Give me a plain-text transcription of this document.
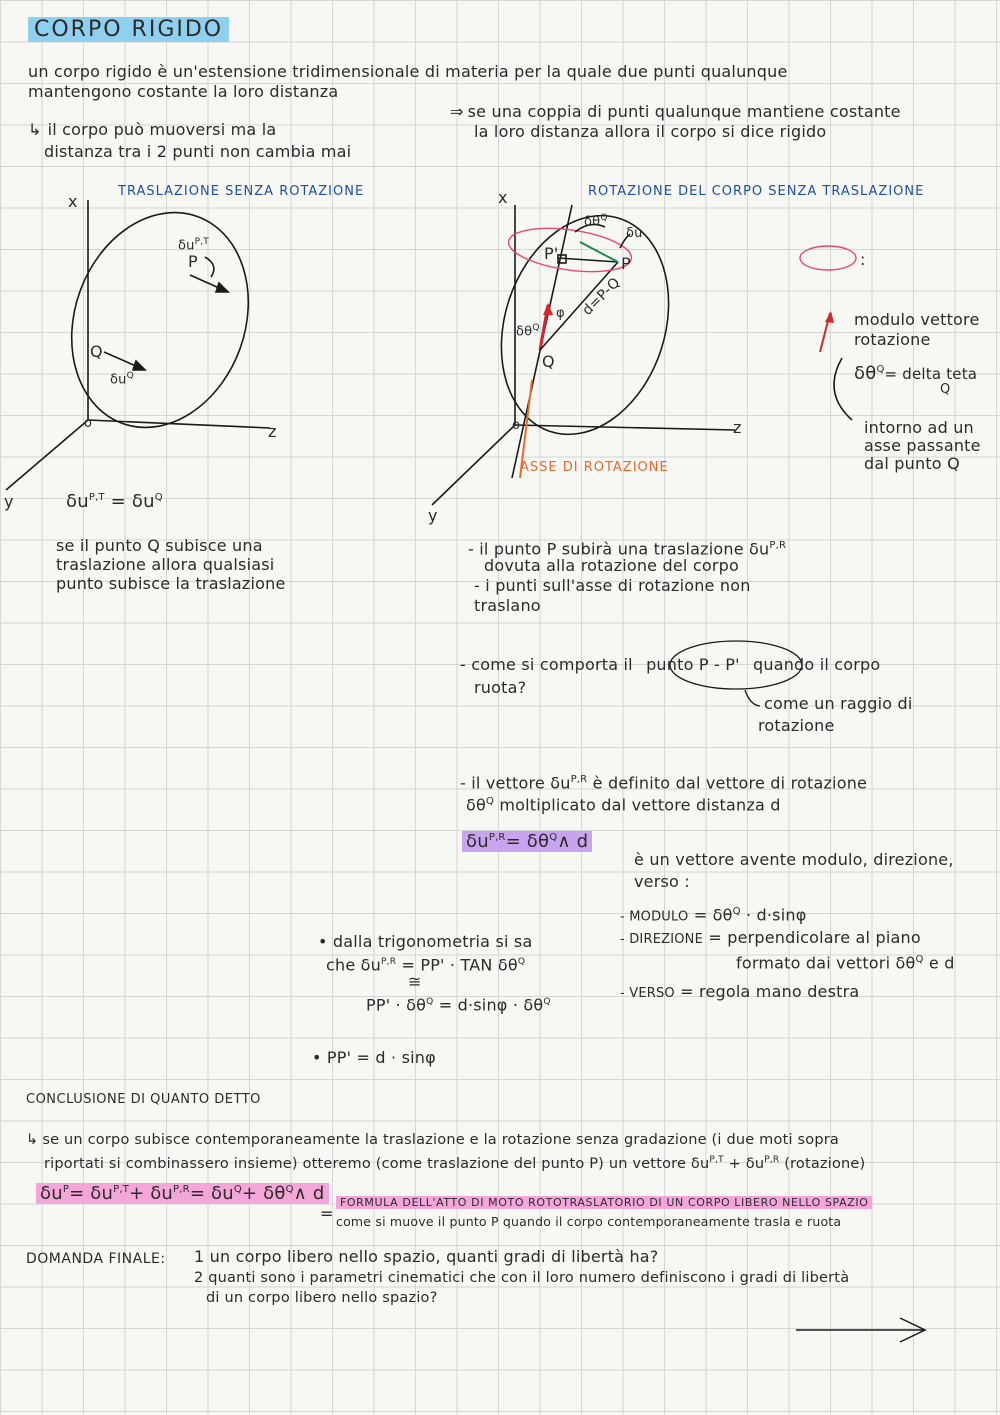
CORPO RIGIDO
un corpo rigido è un'estensione tridimensionale di materia per la quale due punti qualunque
mantengono costante la loro distanza
↳ il corpo può muoversi ma la
distanza tra i 2 punti non cambia mai
⇒ se una coppia di punti qualunque mantiene costante
la loro distanza allora il corpo si dice rigido
TRASLAZIONE SENZA ROTAZIONE
x
y
z
o
$\delta u^{P,T}$
P
Q
$\delta u^Q$
$\delta u^{P,T} = \delta u^Q$
se il punto Q subisce una
traslazione allora qualsiasi
punto subisce la traslazione
ROTAZIONE DEL CORPO SENZA TRASLAZIONE
x
y
z
o
$\delta\theta^Q$
δu
P'
P
φ
$\delta\theta^Q$
d=P-Q
Q
ASSE DI ROTAZIONE
:
modulo vettore
rotazione
$\delta\theta^Q=$ delta teta
Q
intorno ad un
asse passante
dal punto Q
- il punto P subirà una traslazione $\delta u^{P,R}$
dovuta alla rotazione del corpo
- i punti sull'asse di rotazione non
traslano
- come si comporta il punto P - P' quando il corpo
ruota?
come un raggio di
rotazione
- il vettore $\delta u^{P,R}$ è definito dal vettore di rotazione
$\delta\theta^Q$ moltiplicato dal vettore distanza d
$\delta u^{P,R}=$ $\delta\theta^Q\wedge$ d
è un vettore avente modulo, direzione,
verso :
- MODULO = $\delta\theta^Q \cdot d\cdot\sin\varphi$
- DIREZIONE = perpendicolare al piano
formato dai vettori $\delta\theta^Q$ e d
- VERSO = regola mano destra
• dalla trigonometria si sa
che $\delta u^{P,R} = PP'$ · TAN $\delta\theta^Q$
≅
$PP' \cdot \delta\theta^Q = d\cdot\sin\varphi \cdot \delta\theta^Q$
• PP' = d · sinφ
CONCLUSIONE DI QUANTO DETTO
↳ se un corpo subisce contemporaneamente la traslazione e la rotazione senza gradazione (i due moti sopra
riportati si combinassero insieme) otteremo (come traslazione del punto P) un vettore $\delta u^{P,T} + \delta u^{P,R}$ (rotazione)
$\delta u^P= \delta u^{P,T}+ \delta u^{P,R}= \delta u^Q+$ $\delta\theta^Q\wedge$ d
=
FORMULA DELL'ATTO DI MOTO ROTOTRASLATORIO DI UN CORPO LIBERO NELLO SPAZIO
come si muove il punto P quando il corpo contemporaneamente trasla e ruota
DOMANDA FINALE: 1 un corpo libero nello spazio, quanti gradi di libertà ha?
2 quanti sono i parametri cinematici che con il loro numero definiscono i gradi di libertà
di un corpo libero nello spazio?
